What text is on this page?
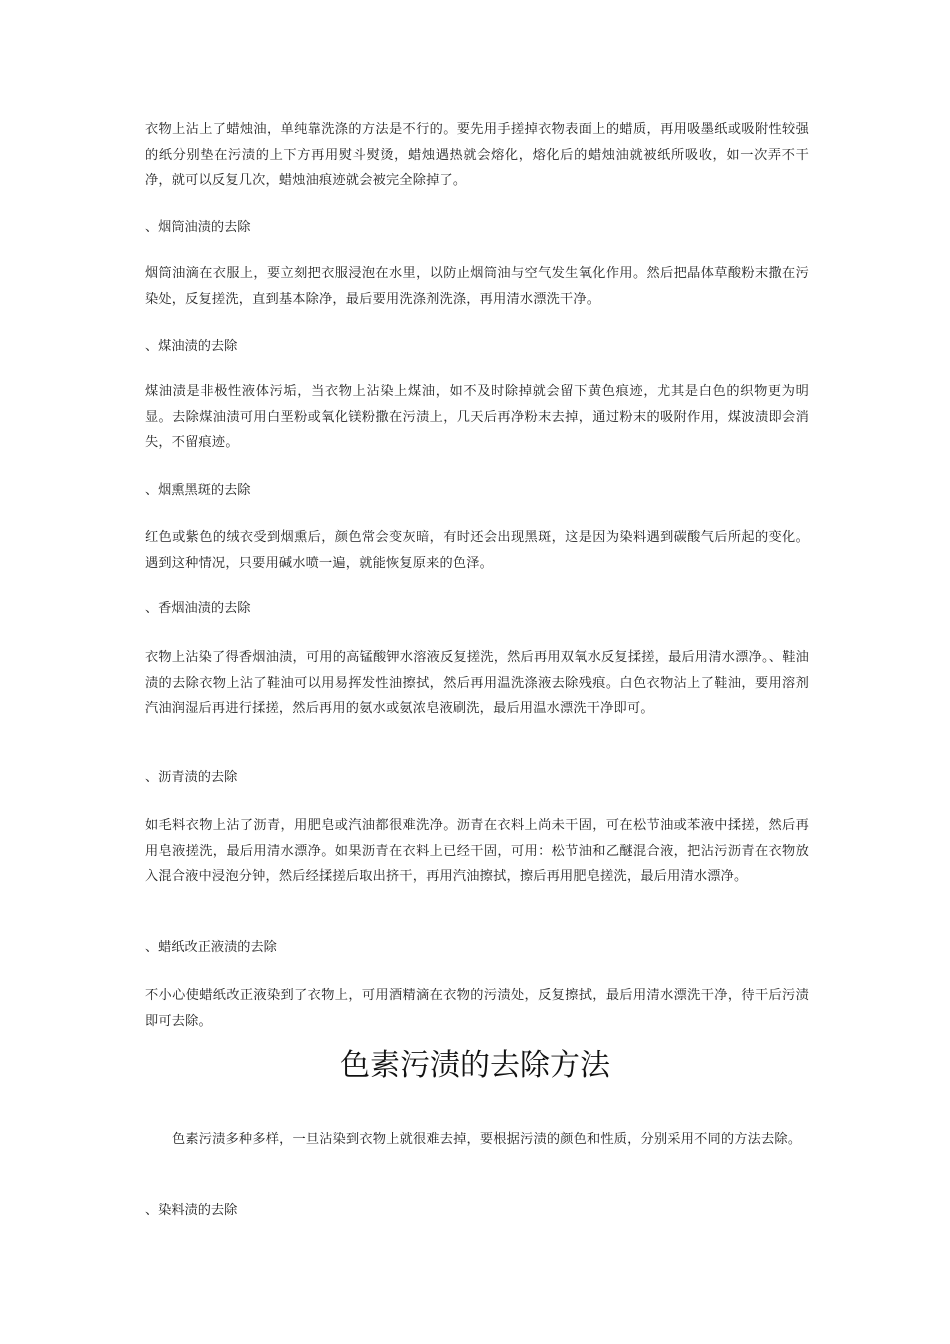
衣物上沾上了蜡烛油，单纯靠洗涤的方法是不行的。要先用手搓掉衣物表面上的蜡质，再用吸墨纸或吸附性较强的纸分别垫在污渍的上下方再用熨斗熨烫，蜡烛遇热就会熔化，熔化后的蜡烛油就被纸所吸收，如一次弄不干净，就可以反复几次，蜡烛油痕迹就会被完全除掉了。

、烟筒油渍的去除

烟筒油滴在衣服上，要立刻把衣服浸泡在水里，以防止烟筒油与空气发生氧化作用。然后把晶体草酸粉末撒在污染处，反复搓洗，直到基本除净，最后要用洗涤剂洗涤，再用清水漂洗干净。

、煤油渍的去除

煤油渍是非极性液体污垢，当衣物上沾染上煤油，如不及时除掉就会留下黄色痕迹，尤其是白色的织物更为明显。去除煤油渍可用白垩粉或氧化镁粉撒在污渍上，几天后再净粉末去掉，通过粉末的吸附作用，煤波渍即会消失，不留痕迹。

、烟熏黑斑的去除

红色或紫色的绒衣受到烟熏后，颜色常会变灰暗，有时还会出现黑斑，这是因为染料遇到碳酸气后所起的变化。遇到这种情况，只要用碱水喷一遍，就能恢复原来的色泽。

、香烟油渍的去除

衣物上沾染了得香烟油渍，可用的高锰酸钾水溶液反复搓洗，然后再用双氧水反复揉搓，最后用清水漂净。、鞋油渍的去除衣物上沾了鞋油可以用易挥发性油擦拭，然后再用温洗涤液去除残痕。白色衣物沾上了鞋油，要用溶剂汽油润湿后再进行揉搓，然后再用的氨水或氨浓皂液刷洗，最后用温水漂洗干净即可。

、沥青渍的去除

如毛料衣物上沾了沥青，用肥皂或汽油都很难洗净。沥青在衣料上尚未干固，可在松节油或苯液中揉搓，然后再用皂液搓洗，最后用清水漂净。如果沥青在衣料上已经干固，可用：松节油和乙醚混合液，把沾污沥青在衣物放入混合液中浸泡分钟，然后经揉搓后取出挤干，再用汽油擦拭，擦后再用肥皂搓洗，最后用清水漂净。

、蜡纸改正液渍的去除

不小心使蜡纸改正液染到了衣物上，可用酒精滴在衣物的污渍处，反复擦拭，最后用清水漂洗干净，待干后污渍即可去除。

色素污渍的去除方法

色素污渍多种多样，一旦沾染到衣物上就很难去掉，要根据污渍的颜色和性质，分别采用不同的方法去除。

、染料渍的去除
